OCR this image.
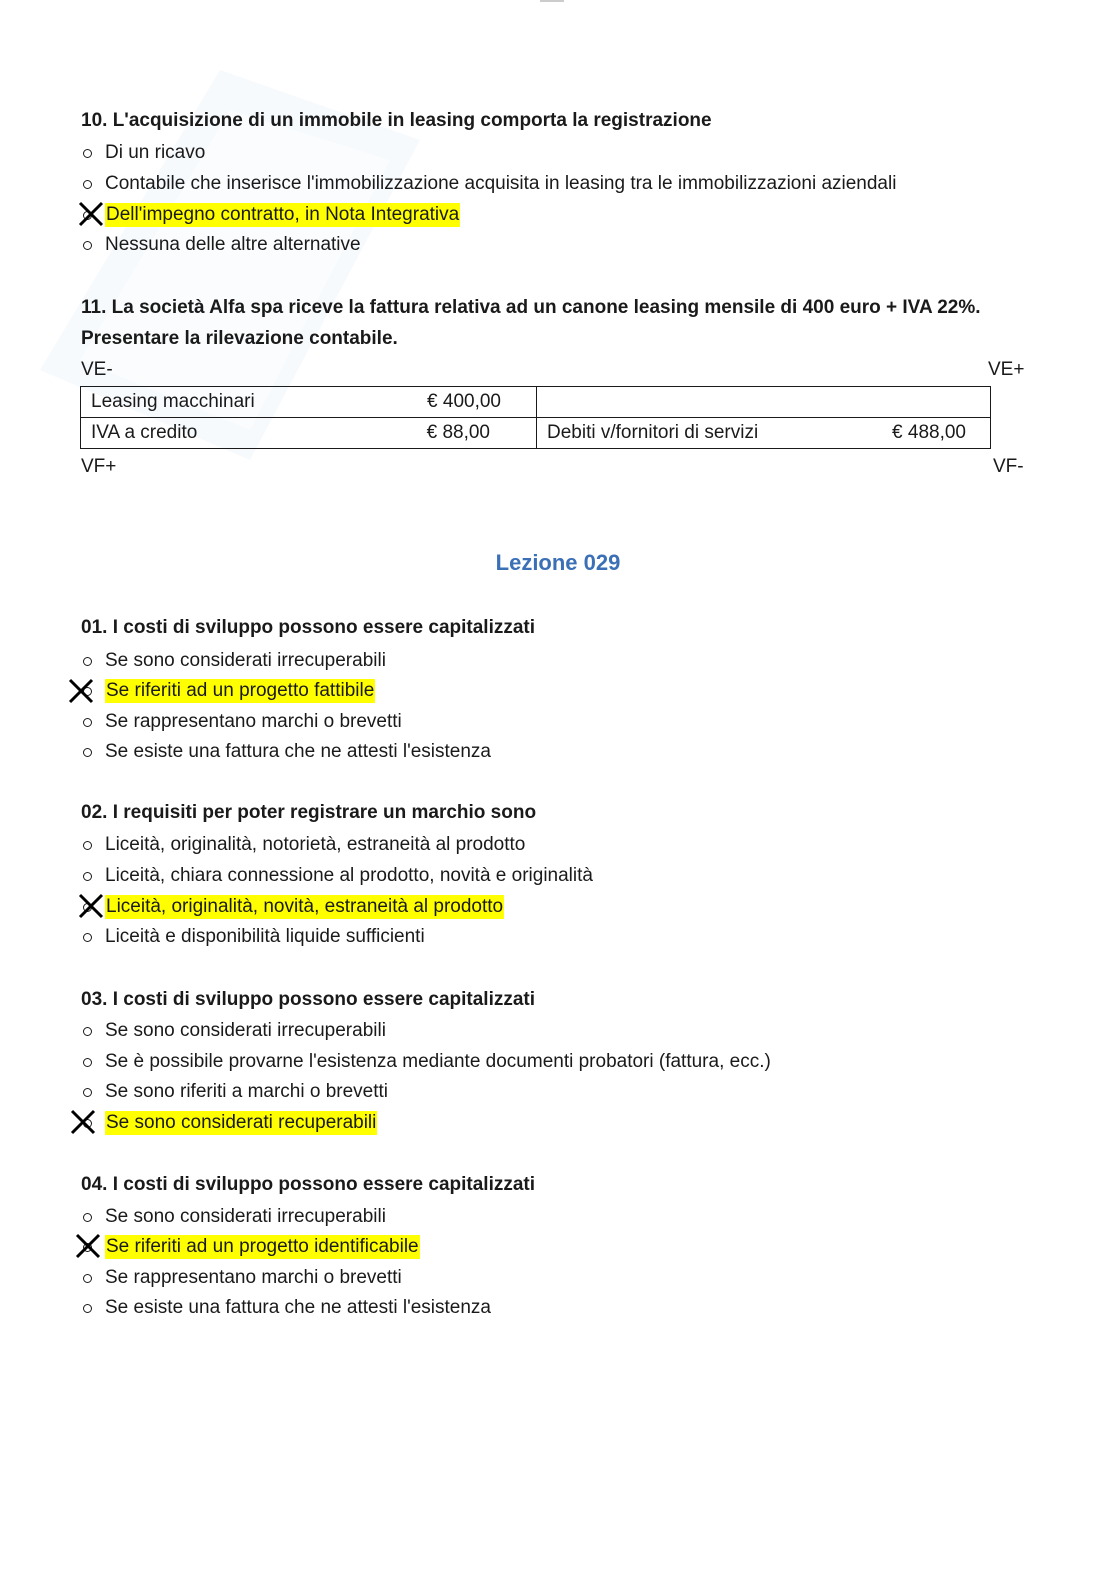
10. L'acquisizione di un immobile in leasing comporta la registrazione
Di un ricavo
Contabile che inserisce l'immobilizzazione acquisita in leasing tra le immobilizzazioni aziendali
Dell'impegno contratto, in Nota Integrativa
Nessuna delle altre alternative
11. La società Alfa spa riceve la fattura relativa ad un canone leasing mensile di 400 euro + IVA 22%. Presentare la rilevazione contabile.
VE-	VE+
Leasing macchinari € 400,00	

IVA a credito € 88,00	Debiti v/fornitori di servizi € 488,00
VF+	VF-
Lezione 029
01. I costi di sviluppo possono essere capitalizzati
Se sono considerati irrecuperabili
Se riferiti ad un progetto fattibile
Se rappresentano marchi o brevetti
Se esiste una fattura che ne attesti l'esistenza
02. I requisiti per poter registrare un marchio sono
Liceità, originalità, notorietà, estraneità al prodotto
Liceità, chiara connessione al prodotto, novità e originalità
Liceità, originalità, novità, estraneità al prodotto
Liceità e disponibilità liquide sufficienti
03. I costi di sviluppo possono essere capitalizzati
Se sono considerati irrecuperabili
Se è possibile provarne l'esistenza mediante documenti probatori (fattura, ecc.)
Se sono riferiti a marchi o brevetti
Se sono considerati recuperabili
04. I costi di sviluppo possono essere capitalizzati
Se sono considerati irrecuperabili
Se riferiti ad un progetto identificabile
Se rappresentano marchi o brevetti
Se esiste una fattura che ne attesti l'esistenza
